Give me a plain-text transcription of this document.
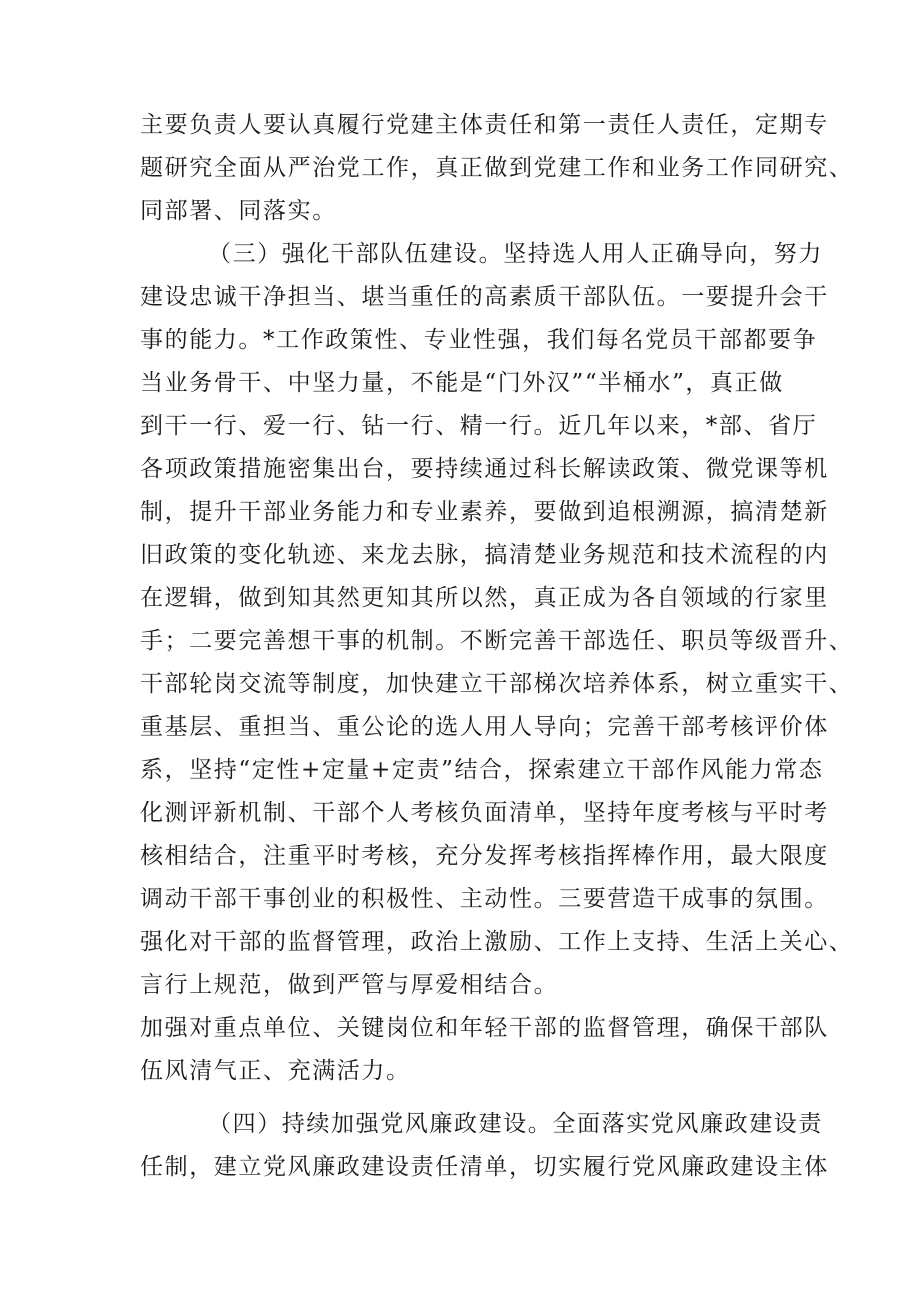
主要负责人要认真履行党建主体责任和第一责任人责任，定期专
题研究全面从严治党工作，真正做到党建工作和业务工作同研究、
同部署、同落实。
（三）强化干部队伍建设。坚持选人用人正确导向，努力
建设忠诚干净担当、堪当重任的高素质干部队伍。一要提升会干
事的能力。*工作政策性、专业性强，我们每名党员干部都要争
当业务骨干、中坚力量，不能是“门外汉”“半桶水”，真正做
到干一行、爱一行、钻一行、精一行。近几年以来，*部、省厅
各项政策措施密集出台，要持续通过科长解读政策、微党课等机
制，提升干部业务能力和专业素养，要做到追根溯源，搞清楚新
旧政策的变化轨迹、来龙去脉，搞清楚业务规范和技术流程的内
在逻辑，做到知其然更知其所以然，真正成为各自领域的行家里
手；二要完善想干事的机制。不断完善干部选任、职员等级晋升、
干部轮岗交流等制度，加快建立干部梯次培养体系，树立重实干、
重基层、重担当、重公论的选人用人导向；完善干部考核评价体
系，坚持“定性+定量+定责”结合，探索建立干部作风能力常态
化测评新机制、干部个人考核负面清单，坚持年度考核与平时考
核相结合，注重平时考核，充分发挥考核指挥棒作用，最大限度
调动干部干事创业的积极性、主动性。三要营造干成事的氛围。
强化对干部的监督管理，政治上激励、工作上支持、生活上关心、
言行上规范，做到严管与厚爱相结合。
加强对重点单位、关键岗位和年轻干部的监督管理，确保干部队
伍风清气正、充满活力。
（四）持续加强党风廉政建设。全面落实党风廉政建设责
任制，建立党风廉政建设责任清单，切实履行党风廉政建设主体
